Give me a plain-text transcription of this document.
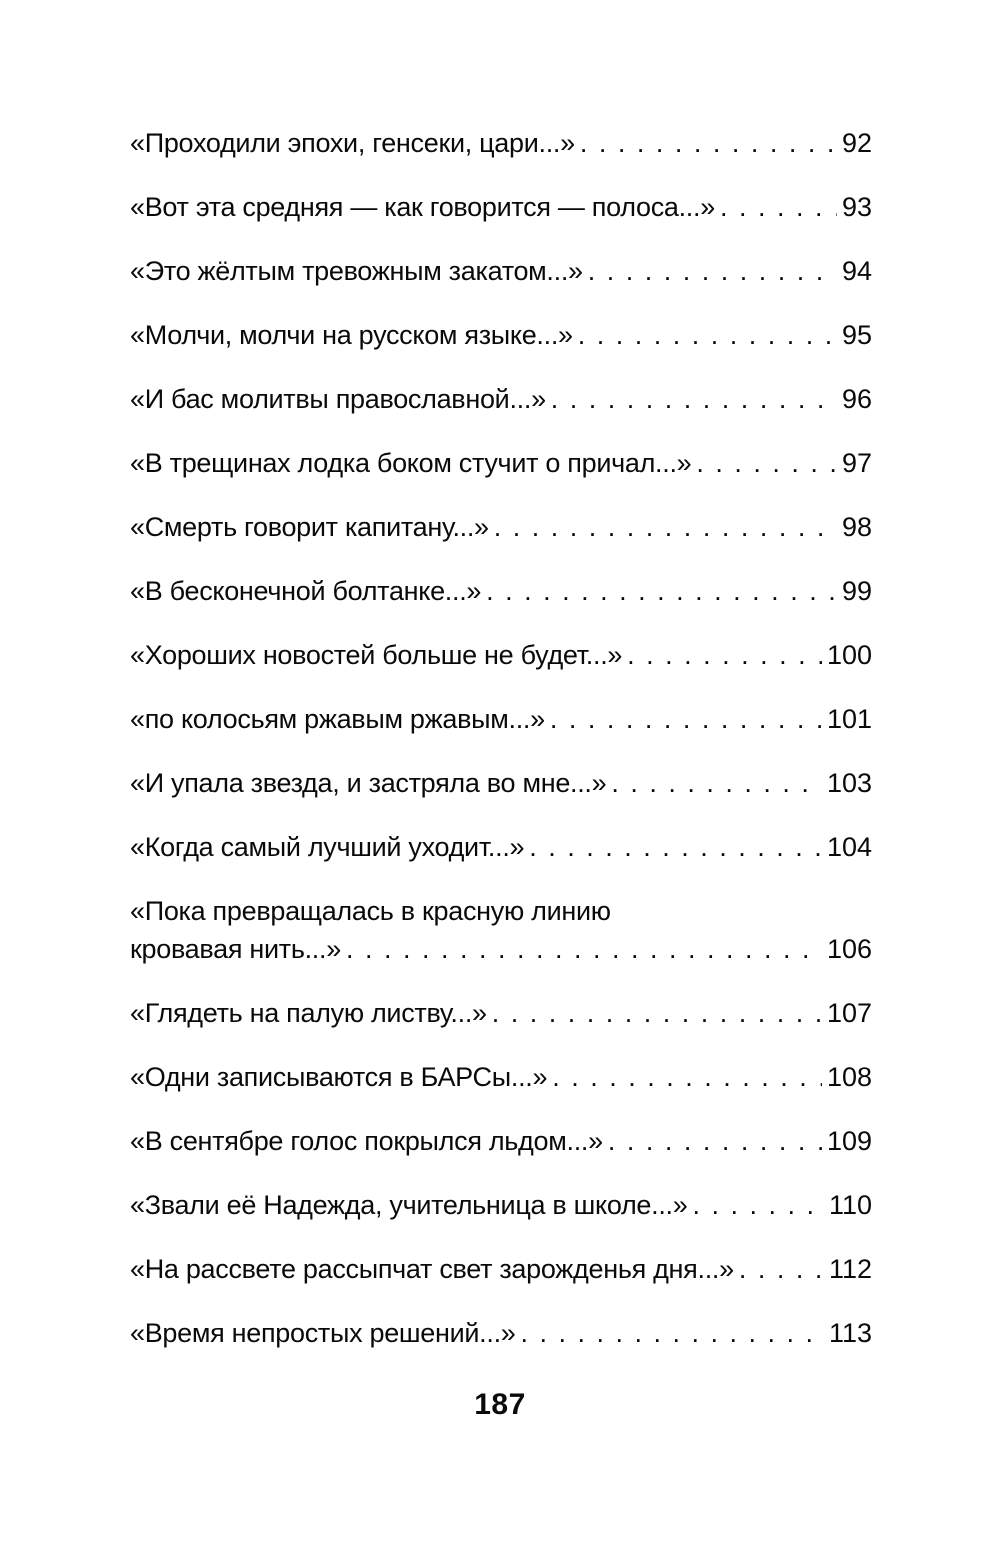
«Проходили эпохи, генсеки, цари...» . . .	92
«Вот эта средняя — как говорится — полоса...» . . .	93
«Это жёлтым тревожным закатом...» . . .	94
«Молчи, молчи на русском языке...» . . .	95
«И бас молитвы православной...» . . .	96
«В трещинах лодка боком стучит о причал...» . . .	97
«Смерть говорит капитану...» . . .	98
«В бесконечной болтанке...» . . .	99
«Хороших новостей больше не будет...» . . .	100
«по колосьям ржавым ржавым...» . . .	101
«И упала звезда, и застряла во мне...» . . .	103
«Когда самый лучший уходит...» . . .	104
«Пока превращалась в красную линию
кровавая нить...» . . .	106
«Глядеть на палую листву...» . . .	107
«Одни записываются в БАРСы...» . . .	108
«В сентябре голос покрылся льдом...» . . .	109
«Звали её Надежда, учительница в школе...» . . .	110
«На рассвете рассыпчат свет зарожденья дня...» . . .	112
«Время непростых решений...» . . .	113
187
